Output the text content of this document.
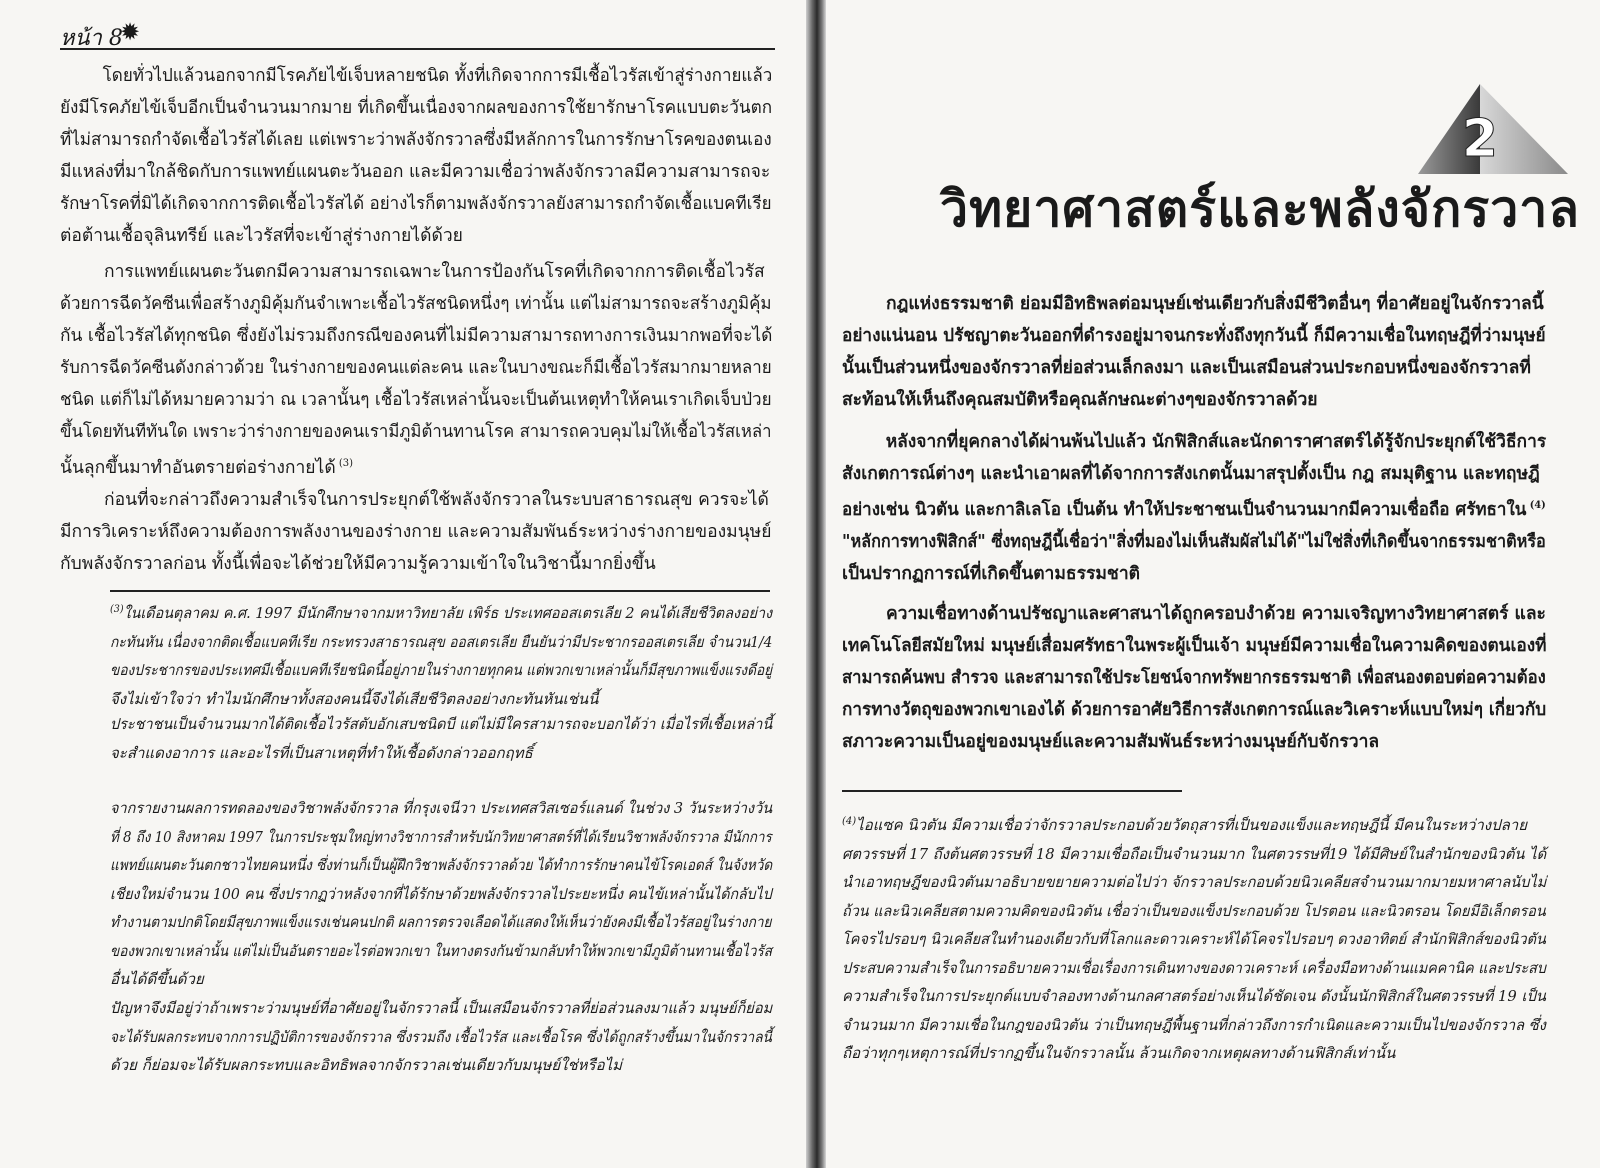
หน้า 8
✹

โดยทั่วไปแล้วนอกจากมีโรคภัยไข้เจ็บหลายชนิด ทั้งที่เกิดจากการมีเชื้อไวรัสเข้าสู่ร่างกายแล้ว
ยังมีโรคภัยไข้เจ็บอีกเป็นจำนวนมากมาย ที่เกิดขึ้นเนื่องจากผลของการใช้ยารักษาโรคแบบตะวันตก
ที่ไม่สามารถกำจัดเชื้อไวรัสได้เลย แต่เพราะว่าพลังจักรวาลซึ่งมีหลักการในการรักษาโรคของตนเอง
มีแหล่งที่มาใกล้ชิดกับการแพทย์แผนตะวันออก และมีความเชื่อว่าพลังจักรวาลมีความสามารถจะ
รักษาโรคที่มิได้เกิดจากการติดเชื้อไวรัสได้ อย่างไรก็ตามพลังจักรวาลยังสามารถกำจัดเชื้อแบคทีเรีย
ต่อต้านเชื้อจุลินทรีย์ และไวรัสที่จะเข้าสู่ร่างกายได้ด้วย

การแพทย์แผนตะวันตกมีความสามารถเฉพาะในการป้องกันโรคที่เกิดจากการติดเชื้อไวรัส
ด้วยการฉีดวัคซีนเพื่อสร้างภูมิคุ้มกันจำเพาะเชื้อไวรัสชนิดหนึ่งๆ เท่านั้น แต่ไม่สามารถจะสร้างภูมิคุ้ม
กัน เชื้อไวรัสได้ทุกชนิด ซึ่งยังไม่รวมถึงกรณีของคนที่ไม่มีความสามารถทางการเงินมากพอที่จะได้
รับการฉีดวัคซีนดังกล่าวด้วย ในร่างกายของคนแต่ละคน และในบางขณะก็มีเชื้อไวรัสมากมายหลาย
ชนิด แต่ก็ไม่ได้หมายความว่า ณ เวลานั้นๆ เชื้อไวรัสเหล่านั้นจะเป็นต้นเหตุทำให้คนเราเกิดเจ็บป่วย
ขึ้นโดยทันทีทันใด เพราะว่าร่างกายของคนเรามีภูมิต้านทานโรค สามารถควบคุมไม่ให้เชื้อไวรัสเหล่า
นั้นลุกขึ้นมาทำอันตรายต่อร่างกายได้ $^{(3)}$

ก่อนที่จะกล่าวถึงความสำเร็จในการประยุกต์ใช้พลังจักรวาลในระบบสาธารณสุข ควรจะได้
มีการวิเคราะห์ถึงความต้องการพลังงานของร่างกาย และความสัมพันธ์ระหว่างร่างกายของมนุษย์
กับพลังจักรวาลก่อน ทั้งนี้เพื่อจะได้ช่วยให้มีความรู้ความเข้าใจในวิชานี้มากยิ่งขึ้น

$^{(3)}$ในเดือนตุลาคม ค.ศ. 1997 มีนักศึกษาจากมหาวิทยาลัย เพิร์ธ ประเทศออสเตรเลีย 2 คนได้เสียชีวิตลงอย่าง
กะทันหัน เนื่องจากติดเชื้อแบคทีเรีย กระทรวงสาธารณสุข ออสเตรเลีย ยืนยันว่ามีประชากรออสเตรเลีย จำนวน1/4
ของประชากรของประเทศมีเชื้อแบคทีเรียชนิดนี้อยู่ภายในร่างกายทุกคน แต่พวกเขาเหล่านั้นก็มีสุขภาพแข็งแรงดีอยู่
จึงไม่เข้าใจว่า ทำไมนักศึกษาทั้งสองคนนี้จึงได้เสียชีวิตลงอย่างกะทันหันเช่นนี้

ประชาชนเป็นจำนวนมากได้ติดเชื้อไวรัสตับอักเสบชนิดบี แต่ไม่มีใครสามารถจะบอกได้ว่า เมื่อไรที่เชื้อเหล่านี้
จะสำแดงอาการ และอะไรที่เป็นสาเหตุที่ทำให้เชื้อดังกล่าวออกฤทธิ์

จากรายงานผลการทดลองของวิชาพลังจักรวาล ที่กรุงเจนีวา ประเทศสวิสเซอร์แลนด์ ในช่วง 3 วันระหว่างวัน
ที่ 8 ถึง 10 สิงหาคม 1997 ในการประชุมใหญ่ทางวิชาการสำหรับนักวิทยาศาสตร์ที่ได้เรียนวิชาพลังจักรวาล มีนักการ
แพทย์แผนตะวันตกชาวไทยคนหนึ่ง ซึ่งท่านก็เป็นผู้ฝึกวิชาพลังจักรวาลด้วย ได้ทำการรักษาคนไข้โรคเอดส์ ในจังหวัด
เชียงใหม่จำนวน 100 คน ซึ่งปรากฏว่าหลังจากที่ได้รักษาด้วยพลังจักรวาลไประยะหนึ่ง คนไข้เหล่านั้นได้กลับไป
ทำงานตามปกติโดยมีสุขภาพแข็งแรงเช่นคนปกติ ผลการตรวจเลือดได้แสดงให้เห็นว่ายังคงมีเชื้อไวรัสอยู่ในร่างกาย
ของพวกเขาเหล่านั้น แต่ไม่เป็นอันตรายอะไรต่อพวกเขา ในทางตรงกันข้ามกลับทำให้พวกเขามีภูมิต้านทานเชื้อไวรัส
อื่นได้ดีขึ้นด้วย

ปัญหาจึงมีอยู่ว่าถ้าเพราะว่ามนุษย์ที่อาศัยอยู่ในจักรวาลนี้ เป็นเสมือนจักรวาลที่ย่อส่วนลงมาแล้ว มนุษย์ก็ย่อม
จะได้รับผลกระทบจากการปฏิบัติการของจักรวาล ซึ่งรวมถึง เชื้อไวรัส และเชื้อโรค ซึ่งได้ถูกสร้างขึ้นมาในจักรวาลนี้
ด้วย ก็ย่อมจะได้รับผลกระทบและอิทธิพลจากจักรวาลเช่นเดียวกับมนุษย์ใช่หรือไม่

2
วิทยาศาสตร์และพลังจักรวาล

กฎแห่งธรรมชาติ ย่อมมีอิทธิพลต่อมนุษย์เช่นเดียวกับสิ่งมีชีวิตอื่นๆ ที่อาศัยอยู่ในจักรวาลนี้
อย่างแน่นอน ปรัชญาตะวันออกที่ดำรงอยู่มาจนกระทั่งถึงทุกวันนี้ ก็มีความเชื่อในทฤษฎีที่ว่ามนุษย์
นั้นเป็นส่วนหนึ่งของจักรวาลที่ย่อส่วนเล็กลงมา และเป็นเสมือนส่วนประกอบหนึ่งของจักรวาลที่
สะท้อนให้เห็นถึงคุณสมบัติหรือคุณลักษณะต่างๆของจักรวาลด้วย

หลังจากที่ยุคกลางได้ผ่านพ้นไปแล้ว นักฟิสิกส์และนักดาราศาสตร์ได้รู้จักประยุกต์ใช้วิธีการ
สังเกตการณ์ต่างๆ และนำเอาผลที่ได้จากการสังเกตนั้นมาสรุปตั้งเป็น กฎ สมมุติฐาน และทฤษฎี
อย่างเช่น นิวตัน และกาลิเลโอ เป็นต้น ทำให้ประชาชนเป็นจำนวนมากมีความเชื่อถือ ศรัทธาใน $^{(4)}$
"หลักการทางฟิสิกส์" ซึ่งทฤษฎีนี้เชื่อว่า"สิ่งที่มองไม่เห็นสัมผัสไม่ได้"ไม่ใช่สิ่งที่เกิดขึ้นจากธรรมชาติหรือ
เป็นปรากฏการณ์ที่เกิดขึ้นตามธรรมชาติ

ความเชื่อทางด้านปรัชญาและศาสนาได้ถูกครอบงำด้วย ความเจริญทางวิทยาศาสตร์ และ
เทคโนโลยีสมัยใหม่ มนุษย์เสื่อมศรัทธาในพระผู้เป็นเจ้า มนุษย์มีความเชื่อในความคิดของตนเองที่
สามารถค้นพบ สำรวจ และสามารถใช้ประโยชน์จากทรัพยากรธรรมชาติ เพื่อสนองตอบต่อความต้อง
การทางวัตถุของพวกเขาเองได้ ด้วยการอาศัยวิธีการสังเกตการณ์และวิเคราะห์แบบใหม่ๆ เกี่ยวกับ
สภาวะความเป็นอยู่ของมนุษย์และความสัมพันธ์ระหว่างมนุษย์กับจักรวาล

$^{(4)}$ไอแซค นิวตัน มีความเชื่อว่าจักรวาลประกอบด้วยวัตถุสารที่เป็นของแข็งและทฤษฎีนี้ มีคนในระหว่างปลาย
ศตวรรษที่ 17 ถึงต้นศตวรรษที่ 18 มีความเชื่อถือเป็นจำนวนมาก ในศตวรรษที่19 ได้มีศิษย์ในสำนักของนิวตัน ได้
นำเอาทฤษฎีของนิวตันมาอธิบายขยายความต่อไปว่า จักรวาลประกอบด้วยนิวเคลียสจำนวนมากมายมหาศาลนับไม่
ถ้วน และนิวเคลียสตามความคิดของนิวตัน เชื่อว่าเป็นของแข็งประกอบด้วย โปรตอน และนิวตรอน โดยมีอิเล็กตรอน
โคจรไปรอบๆ นิวเคลียสในทำนองเดียวกับที่โลกและดาวเคราะห์ได้โคจรไปรอบๆ ดวงอาทิตย์ สำนักฟิสิกส์ของนิวตัน
ประสบความสำเร็จในการอธิบายความเชื่อเรื่องการเดินทางของดาวเคราะห์ เครื่องมือทางด้านแมคคานิค และประสบ
ความสำเร็จในการประยุกต์แบบจำลองทางด้านกลศาสตร์อย่างเห็นได้ชัดเจน ดังนั้นนักฟิสิกส์ในศตวรรษที่ 19 เป็น
จำนวนมาก มีความเชื่อในกฎของนิวตัน ว่าเป็นทฤษฎีพื้นฐานที่กล่าวถึงการกำเนิดและความเป็นไปของจักรวาล ซึ่ง
ถือว่าทุกๆเหตุการณ์ที่ปรากฏขึ้นในจักรวาลนั้น ล้วนเกิดจากเหตุผลทางด้านฟิสิกส์เท่านั้น
